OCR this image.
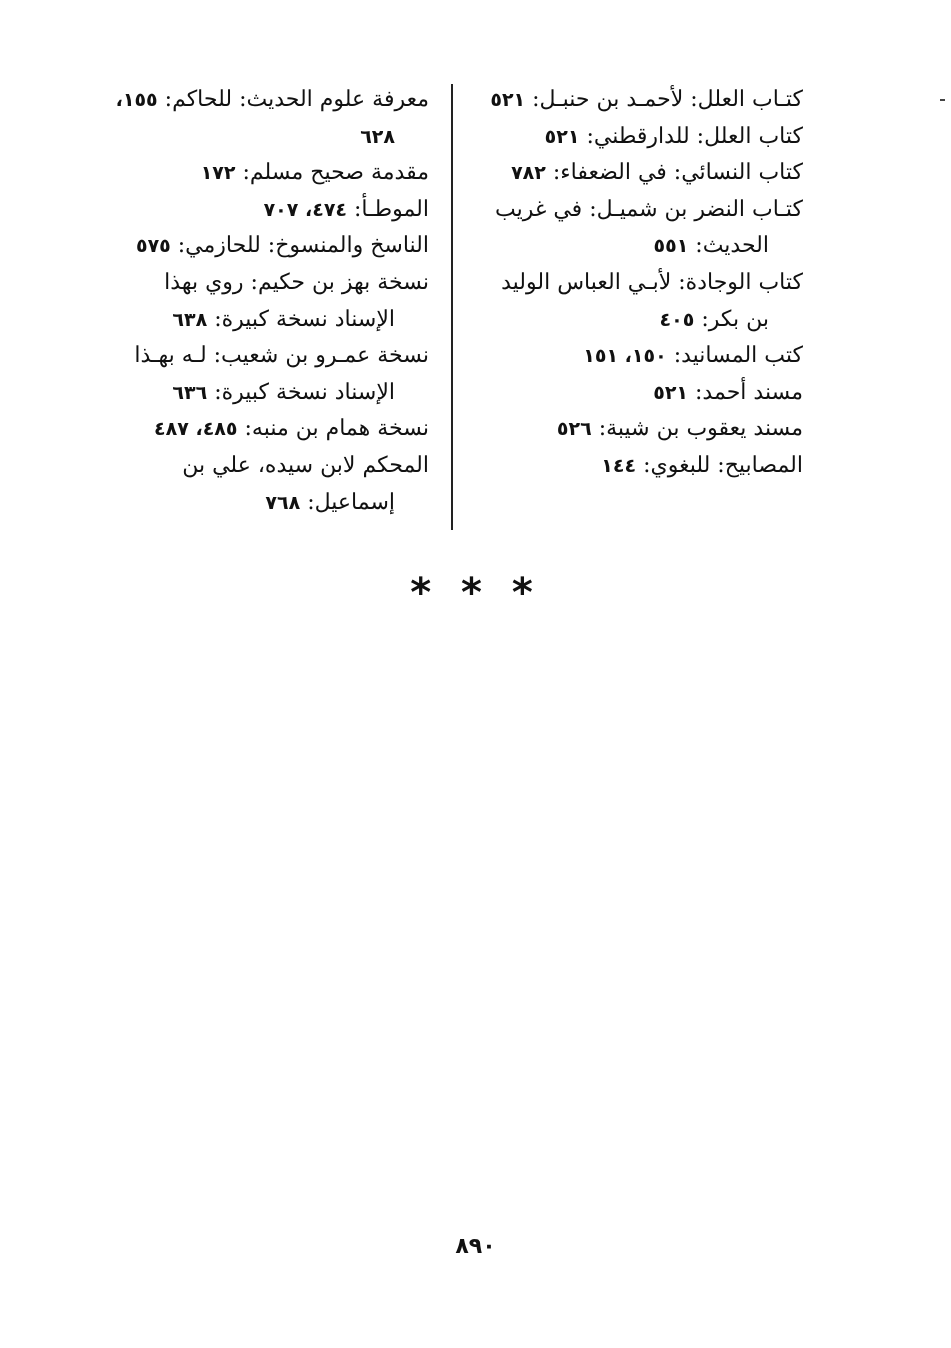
كتـاب العلل: لأحمـد بن حنبـل: ٥٢١

كتاب العلل: للدارقطني: ٥٢١

كتاب النسائي: في الضعفاء: ٧٨٢

كتـاب النضر بن شميـل: في غريب الحديث: ٥٥١

كتاب الوجادة: لأبـي العباس الوليد بن بكر: ٤٠٥

كتب المسانيد: ١٥٠، ١٥١

مسند أحمد: ٥٢١

مسند يعقوب بن شيبة: ٥٢٦

المصابيح: للبغوي: ١٤٤

معرفة علوم الحديث: للحاكم: ١٥٥، ٦٢٨

مقدمة صحيح مسلم: ١٧٢

الموطـأ: ٤٧٤، ٧٠٧

الناسخ والمنسوخ: للحازمي: ٥٧٥

نسخة بهز بن حكيم: روي بهذا الإسناد نسخة كبيرة: ٦٣٨

نسخة عمـرو بن شعيب: لـه بهـذا الإسناد نسخة كبيرة: ٦٣٦

نسخة همام بن منبه: ٤٨٥، ٤٨٧

المحكم لابن سيده، علي بن إسماعيل: ٧٦٨

* * *
٨٩٠
